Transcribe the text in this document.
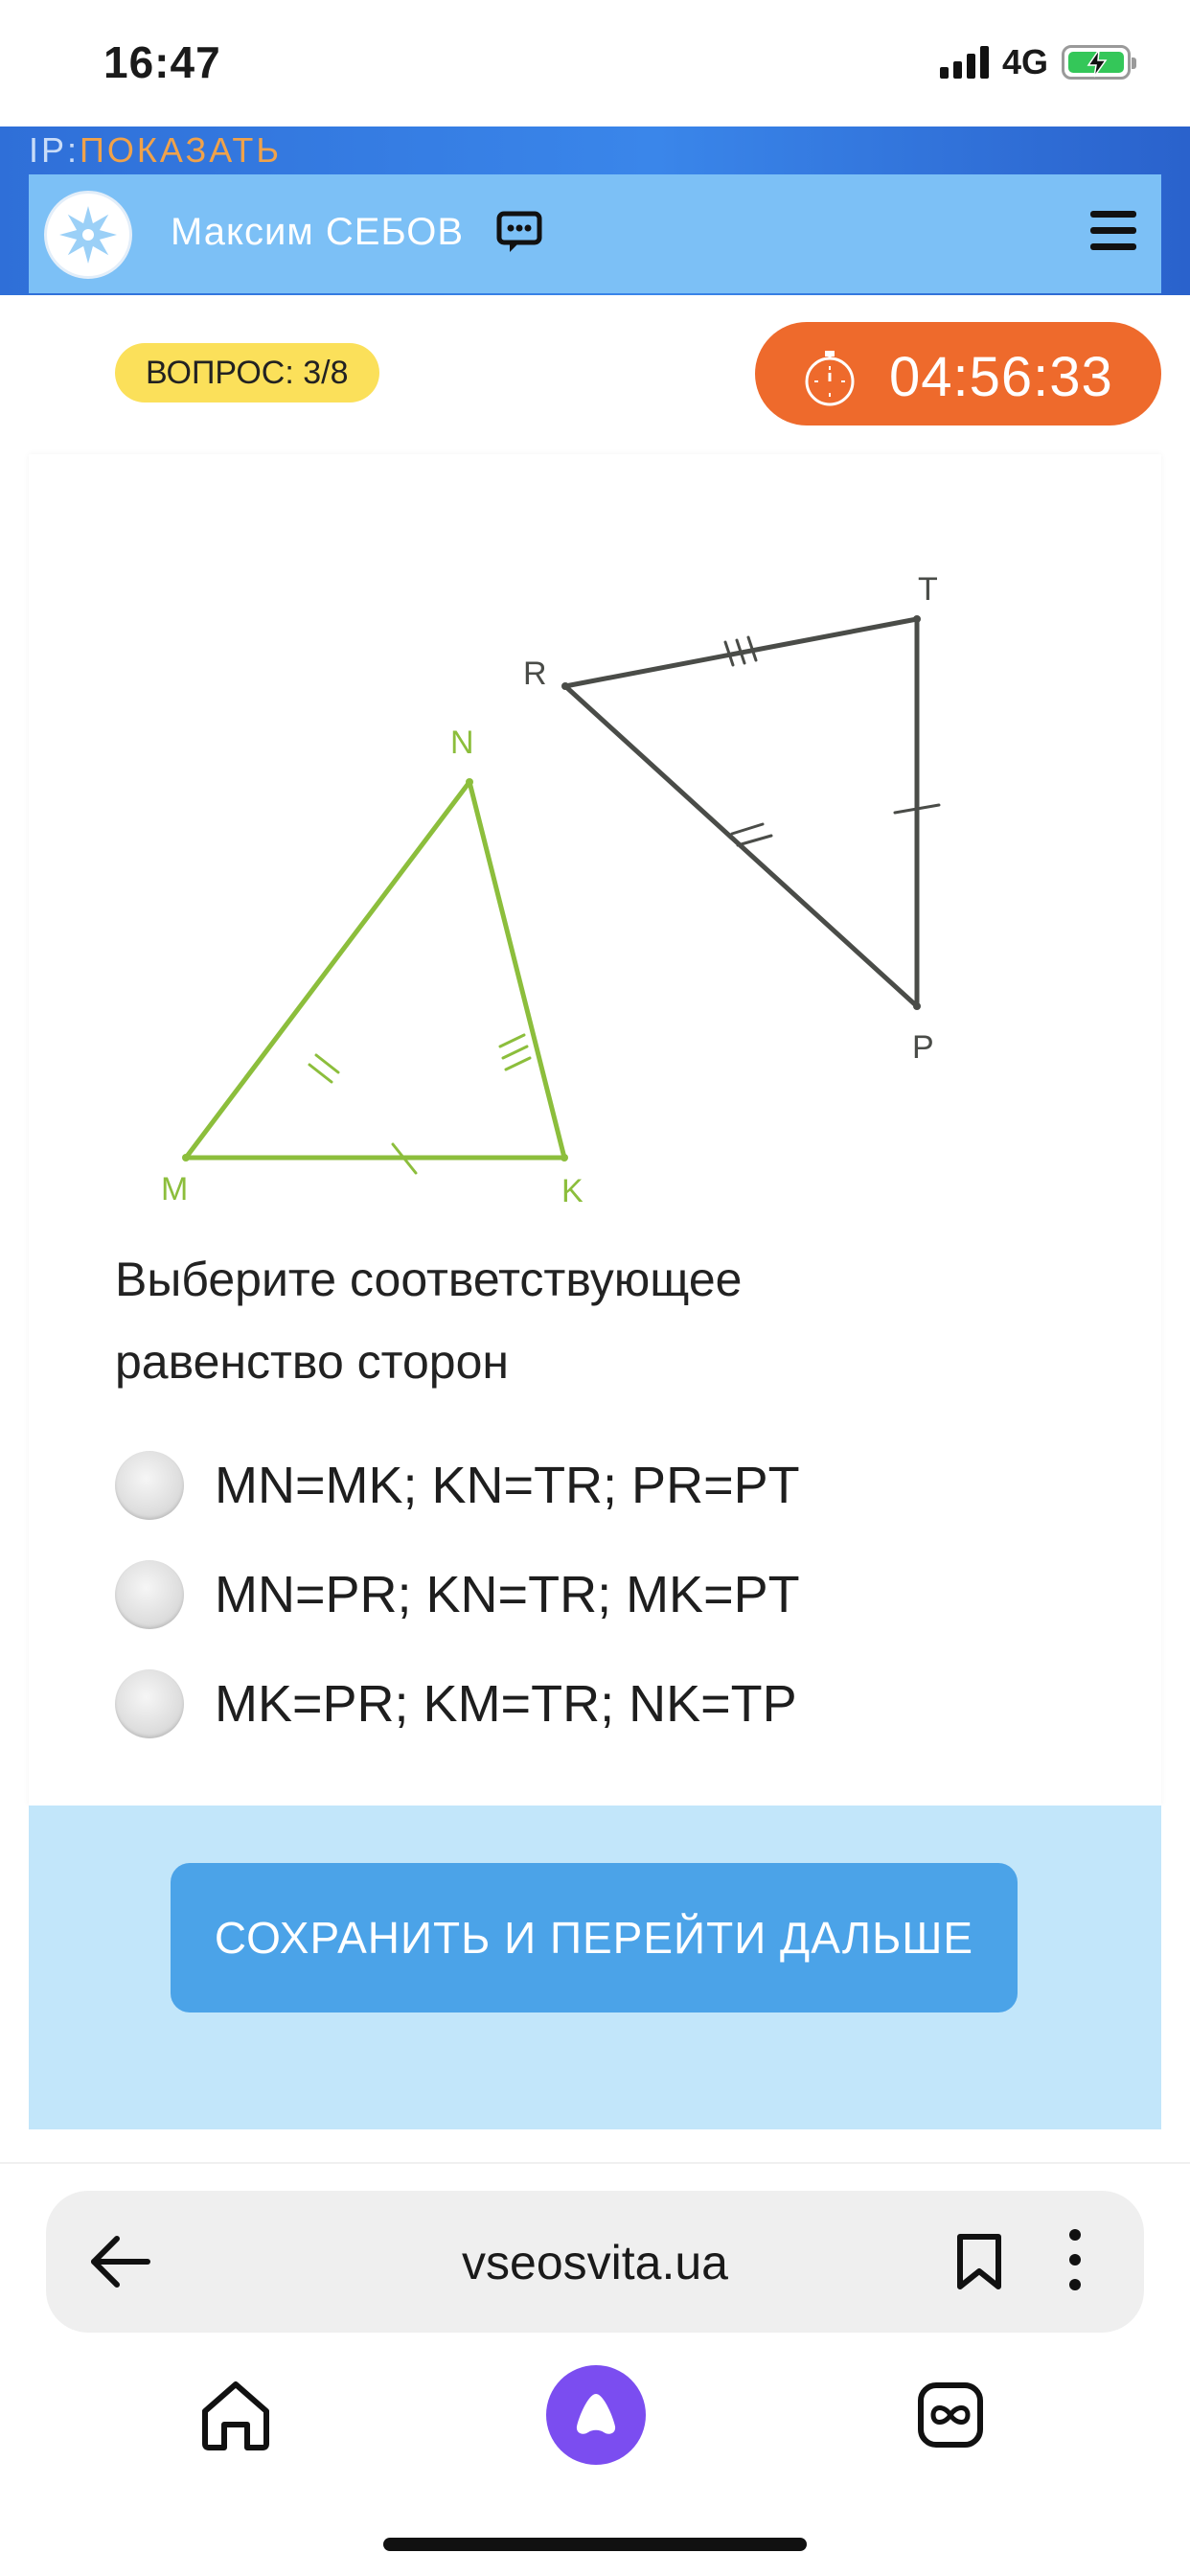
16:47	4G
IP:ПОКАЗАТЬ
Максим СЕБОВ
ВОПРОС: 3/8	04:56:33
M
N
K
R
T
P
Выберите соответствующее равенство сторон
MN=MK; KN=TR; PR=PT
MN=PR; KN=TR; MK=PT
MK=PR; KM=TR; NK=TP
СОХРАНИТЬ И ПЕРЕЙТИ ДАЛЬШЕ
vseosvita.ua
